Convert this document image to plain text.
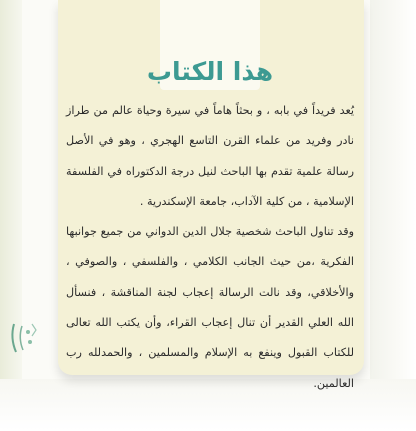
هذا الكتاب

يُعد فريداً في بابه ، و بحثاً هاماً في سيرة وحياة عالم من طراز نادر وفريد من علماء القرن التاسع الهجري ، وهو في الأصل رسالة علمية تقدم بها الباحث لنيل درجة الدكتوراه في الفلسفة الإسلامية ، من كلية الآداب، جامعة الإسكندرية .

وقد تناول الباحث شخصية جلال الدين الدواني من جميع جوانبها الفكرية ،من حيث الجانب الكلامي ، والفلسفي ، والصوفي ، والأخلاقي، وقد نالت الرسالة إعجاب لجنة المناقشة ، فنسأل الله العلي القدير أن تنال إعجاب القراء، وأن يكتب الله تعالى للكتاب القبول وينفع به الإسلام والمسلمين ، والحمدلله رب العالمين.
